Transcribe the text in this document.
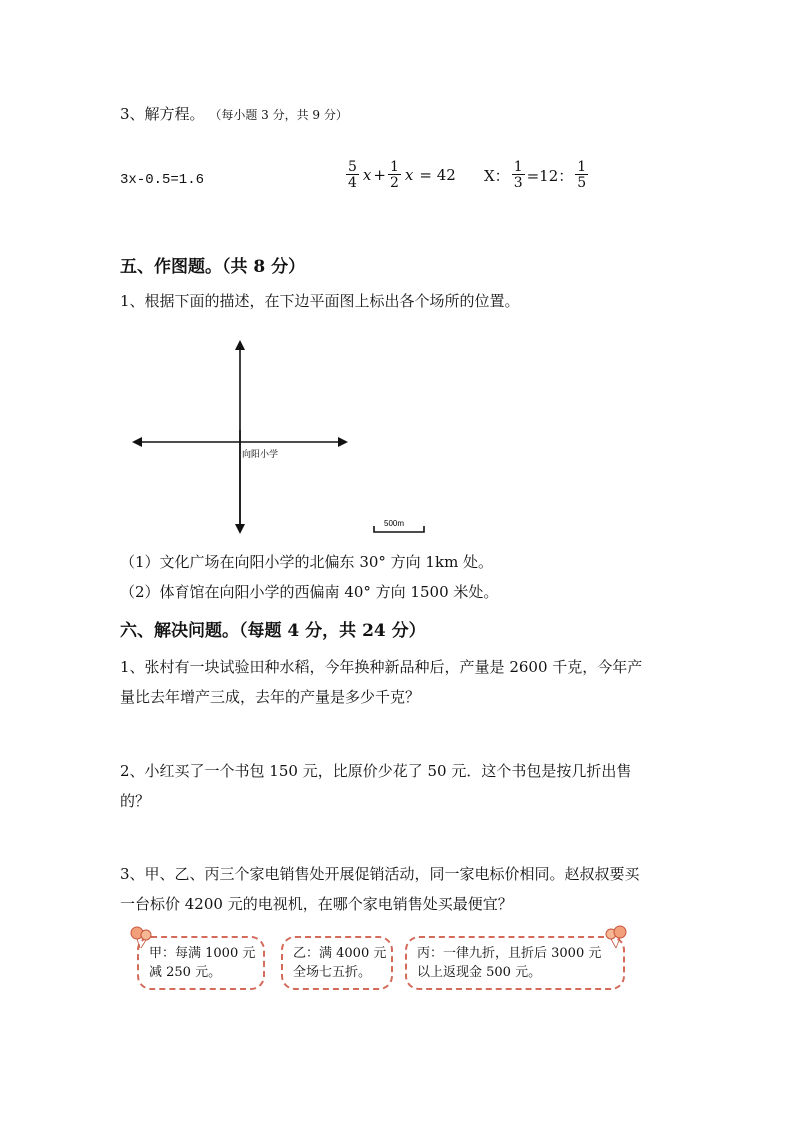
3、解方程。 （每小题 3 分，共 9 分）
3x-0.5=1.6	$\frac{5}{4}$ $x + \frac{1}{2}$ x = 42 X： $\frac{1}{3} =12$： $\frac{1}{5}$
五、作图题。（共 8 分）
1、根据下面的描述，在下边平面图上标出各个场所的位置。
向阳小学
500m
（1）文化广场在向阳小学的北偏东 30° 方向 1km 处。
（2）体育馆在向阳小学的西偏南 40° 方向 1500 米处。
六、解决问题。（每题 4 分，共 24 分）
1、张村有一块试验田种水稻，今年换种新品种后，产量是 2600 千克，今年产
量比去年增产三成，去年的产量是多少千克？
2、小红买了一个书包 150 元，比原价少花了 50 元．这个书包是按几折出售
的？
3、甲、乙、丙三个家电销售处开展促销活动，同一家电标价相同。赵叔叔要买
一台标价 4200 元的电视机，在哪个家电销售处买最便宜？
甲：每满 1000 元
减 250 元。
乙：满 4000 元
全场七五折。
丙：一律九折，且折后 3000 元
以上返现金 500 元。
